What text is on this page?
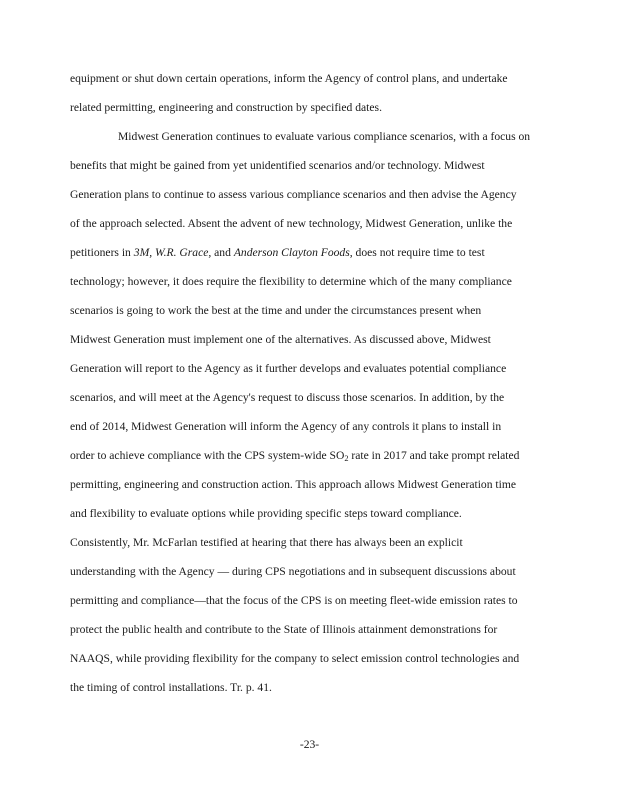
equipment or shut down certain operations, inform the Agency of control plans, and undertake
related permitting, engineering and construction by specified dates.
Midwest Generation continues to evaluate various compliance scenarios, with a focus on
benefits that might be gained from yet unidentified scenarios and/or technology. Midwest
Generation plans to continue to assess various compliance scenarios and then advise the Agency
of the approach selected. Absent the advent of new technology, Midwest Generation, unlike the
petitioners in 3M, W.R. Grace, and Anderson Clayton Foods, does not require time to test
technology; however, it does require the flexibility to determine which of the many compliance
scenarios is going to work the best at the time and under the circumstances present when
Midwest Generation must implement one of the alternatives. As discussed above, Midwest
Generation will report to the Agency as it further develops and evaluates potential compliance
scenarios, and will meet at the Agency's request to discuss those scenarios. In addition, by the
end of 2014, Midwest Generation will inform the Agency of any controls it plans to install in
order to achieve compliance with the CPS system-wide $SO_2$ rate in 2017 and take prompt related
permitting, engineering and construction action. This approach allows Midwest Generation time
and flexibility to evaluate options while providing specific steps toward compliance.
Consistently, Mr. McFarlan testified at hearing that there has always been an explicit
understanding with the Agency — during CPS negotiations and in subsequent discussions about
permitting and compliance—that the focus of the CPS is on meeting fleet-wide emission rates to
protect the public health and contribute to the State of Illinois attainment demonstrations for
NAAQS, while providing flexibility for the company to select emission control technologies and
the timing of control installations. Tr. p. 41.
-23-
